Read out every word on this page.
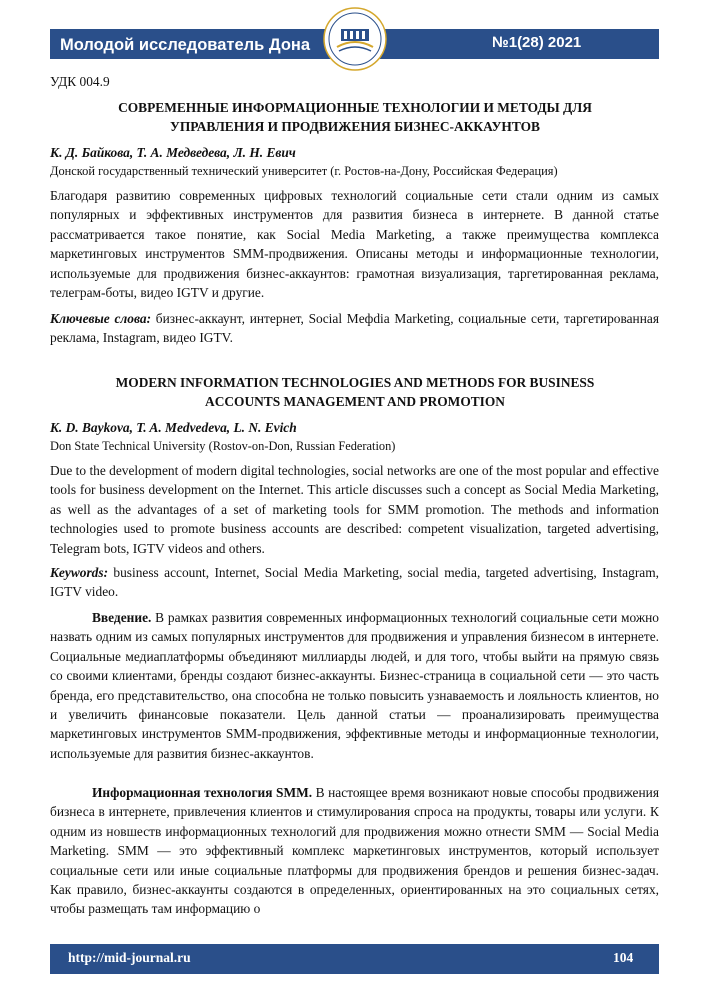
Молодой исследователь Дона	№1(28) 2021
УДК 004.9
СОВРЕМЕННЫЕ ИНФОРМАЦИОННЫЕ ТЕХНОЛОГИИ И МЕТОДЫ ДЛЯ УПРАВЛЕНИЯ И ПРОДВИЖЕНИЯ БИЗНЕС-АККАУНТОВ
К. Д. Байкова, Т. А. Медведева, Л. Н. Евич
Донской государственный технический университет (г. Ростов-на-Дону, Российская Федерация)
Благодаря развитию современных цифровых технологий социальные сети стали одним из самых популярных и эффективных инструментов для развития бизнеса в интернете. В данной статье рассматривается такое понятие, как Social Media Marketing, а также преимущества комплекса маркетинговых инструментов SMM-продвижения. Описаны методы и информационные технологии, используемые для продвижения бизнес-аккаунтов: грамотная визуализация, таргетированная реклама, телеграм-боты, видео IGTV и другие.
Ключевые слова: бизнес-аккаунт, интернет, Social Meфdia Marketing, социальные сети, таргетированная реклама, Instagram, видео IGTV.
MODERN INFORMATION TECHNOLOGIES AND METHODS FOR BUSINESS ACCOUNTS MANAGEMENT AND PROMOTION
K. D. Baykova, T. A. Medvedeva, L. N. Evich
Don State Technical University (Rostov-on-Don, Russian Federation)
Due to the development of modern digital technologies, social networks are one of the most popular and effective tools for business development on the Internet. This article discusses such a concept as Social Media Marketing, as well as the advantages of a set of marketing tools for SMM promotion. The methods and information technologies used to promote business accounts are described: competent visualization, targeted advertising, Telegram bots, IGTV videos and others.
Keywords: business account, Internet, Social Media Marketing, social media, targeted advertising, Instagram, IGTV video.
Введение. В рамках развития современных информационных технологий социальные сети можно назвать одним из самых популярных инструментов для продвижения и управления бизнесом в интернете. Социальные медиаплатформы объединяют миллиарды людей, и для того, чтобы выйти на прямую связь со своими клиентами, бренды создают бизнес-аккаунты. Бизнес-страница в социальной сети — это часть бренда, его представительство, она способна не только повысить узнаваемость и лояльность клиентов, но и увеличить финансовые показатели. Цель данной статьи — проанализировать преимущества маркетинговых инструментов SMM-продвижения, эффективные методы и информационные технологии, используемые для развития бизнес-аккаунтов.
Информационная технология SMM. В настоящее время возникают новые способы продвижения бизнеса в интернете, привлечения клиентов и стимулирования спроса на продукты, товары или услуги. К одним из новшеств информационных технологий для продвижения можно отнести SMM — Social Media Marketing. SMM — это эффективный комплекс маркетинговых инструментов, который использует социальные сети или иные социальные платформы для продвижения брендов и решения бизнес-задач. Как правило, бизнес-аккаунты создаются в определенных, ориентированных на это социальных сетях, чтобы размещать там информацию о
http://mid-journal.ru	104
